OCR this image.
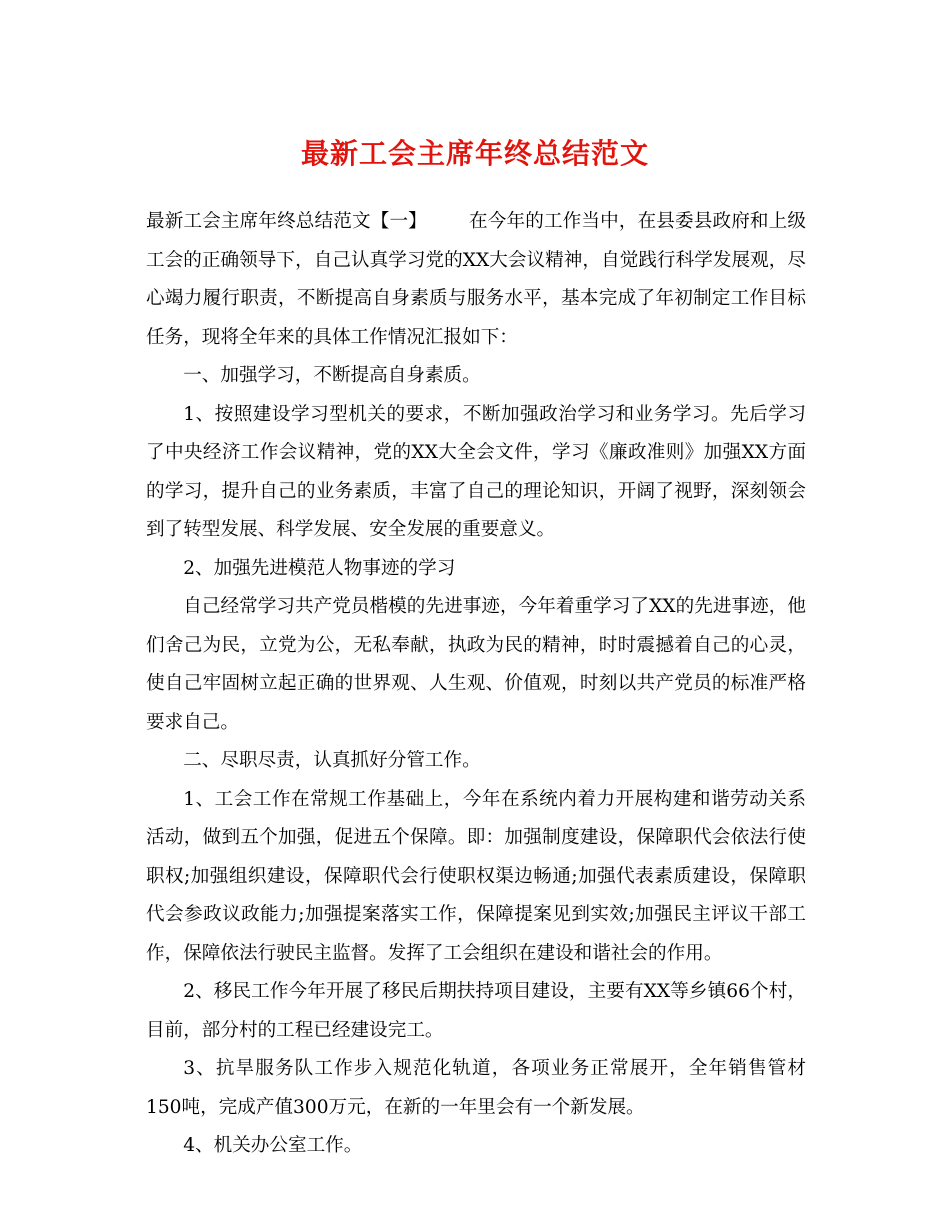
最新工会主席年终总结范文

最新工会主席年终总结范文【一】 在今年的工作当中，在县委县政府和上级工会的正确领导下，自己认真学习党的XX大会议精神，自觉践行科学发展观，尽心竭力履行职责，不断提高自身素质与服务水平，基本完成了年初制定工作目标任务，现将全年来的具体工作情况汇报如下：

一、加强学习，不断提高自身素质。

1、按照建设学习型机关的要求，不断加强政治学习和业务学习。先后学习了中央经济工作会议精神，党的XX大全会文件，学习《廉政准则》加强XX方面的学习，提升自己的业务素质，丰富了自己的理论知识，开阔了视野，深刻领会到了转型发展、科学发展、安全发展的重要意义。

2、加强先进模范人物事迹的学习

自己经常学习共产党员楷模的先进事迹，今年着重学习了XX的先进事迹，他们舍己为民，立党为公，无私奉献，执政为民的精神，时时震撼着自己的心灵，使自己牢固树立起正确的世界观、人生观、价值观，时刻以共产党员的标准严格要求自己。

二、尽职尽责，认真抓好分管工作。

1、工会工作在常规工作基础上，今年在系统内着力开展构建和谐劳动关系活动，做到五个加强，促进五个保障。即：加强制度建设，保障职代会依法行使职权;加强组织建设，保障职代会行使职权渠边畅通;加强代表素质建设，保障职代会参政议政能力;加强提案落实工作，保障提案见到实效;加强民主评议干部工作，保障依法行驶民主监督。发挥了工会组织在建设和谐社会的作用。

2、移民工作今年开展了移民后期扶持项目建设，主要有XX等乡镇66个村，目前，部分村的工程已经建设完工。

3、抗旱服务队工作步入规范化轨道，各项业务正常展开，全年销售管材150吨，完成产值300万元，在新的一年里会有一个新发展。

4、机关办公室工作。
